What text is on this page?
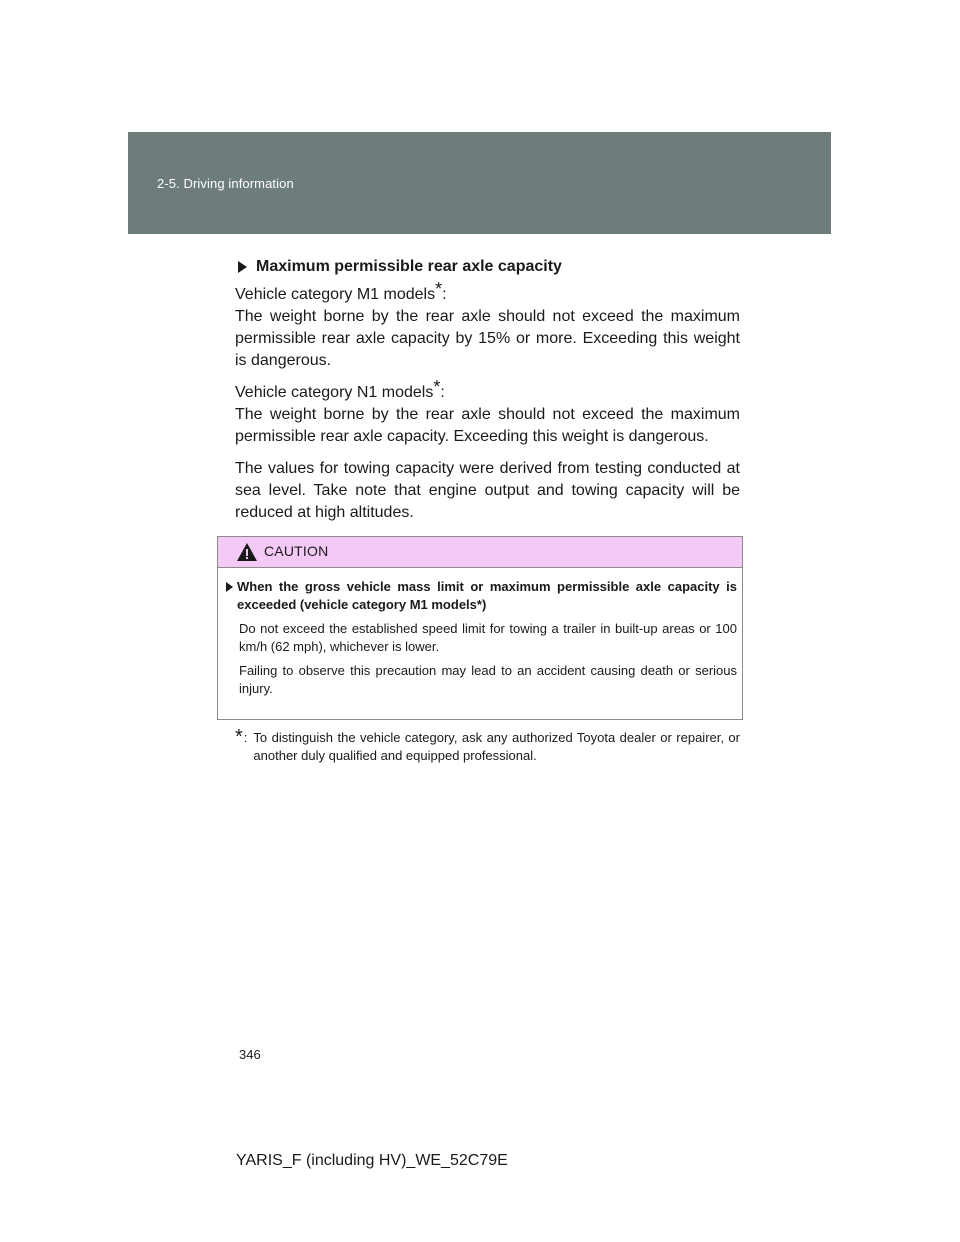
2-5. Driving information
Maximum permissible rear axle capacity
Vehicle category M1 models*:

The weight borne by the rear axle should not exceed the maximum permissible rear axle capacity by 15% or more. Exceeding this weight is dangerous.

Vehicle category N1 models*:

The weight borne by the rear axle should not exceed the maximum permissible rear axle capacity. Exceeding this weight is dangerous.

The values for towing capacity were derived from testing conducted at sea level. Take note that engine output and towing capacity will be reduced at high altitudes.

CAUTION
When the gross vehicle mass limit or maximum permissible axle capacity is exceeded (vehicle category M1 models*)
Do not exceed the established speed limit for towing a trailer in built-up areas or 100 km/h (62 mph), whichever is lower.
Failing to observe this precaution may lead to an accident causing death or serious injury.
* : To distinguish the vehicle category, ask any authorized Toyota dealer or repairer, or another duly qualified and equipped professional.
346
YARIS_F (including HV)_WE_52C79E
